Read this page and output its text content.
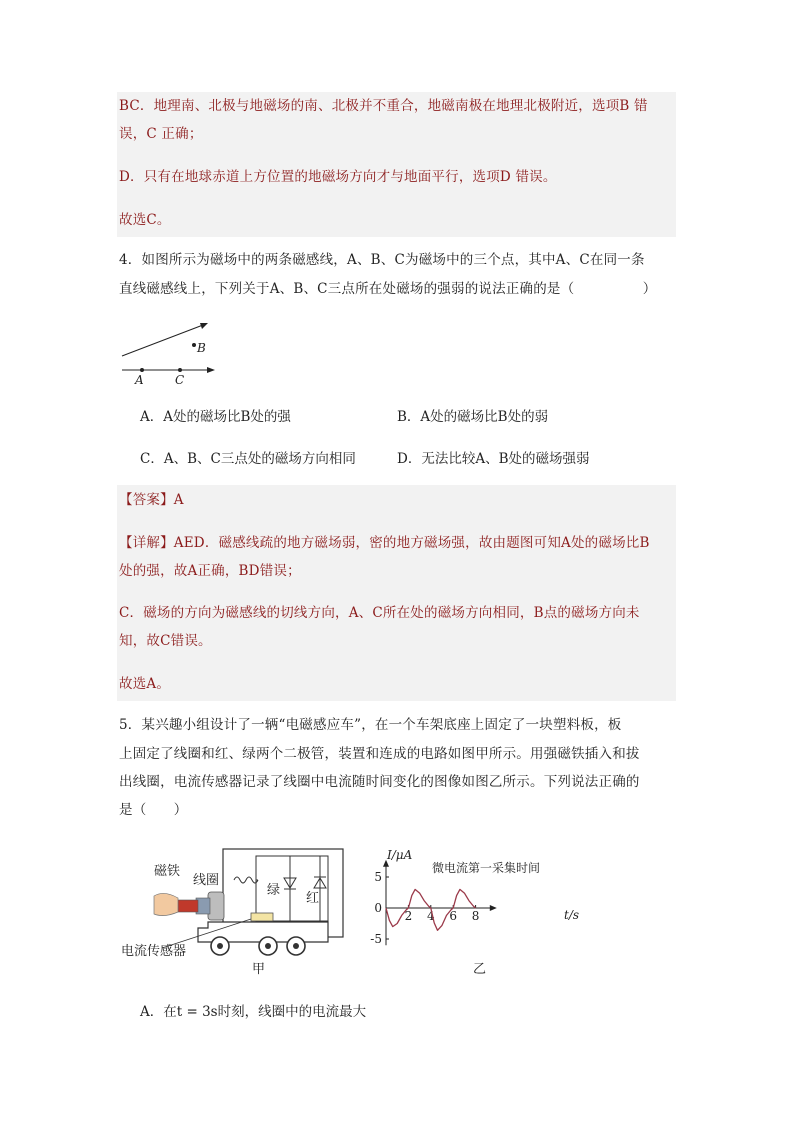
BC．地理南、北极与地磁场的南、北极并不重合，地磁南极在地理北极附近，选项B 错
误，C 正确；
D．只有在地球赤道上方位置的地磁场方向才与地面平行，选项D 错误。
故选C。
4．如图所示为磁场中的两条磁感线，A、B、C为磁场中的三个点，其中A、C在同一条
直线磁感线上，下列关于A、B、C三点所在处磁场的强弱的说法正确的是（　　　　　）
A	C
B
A．A处的磁场比B处的强	B．A处的磁场比B处的弱
C．A、B、C三点处的磁场方向相同	D．无法比较A、B处的磁场强弱
【答案】A
【详解】AED．磁感线疏的地方磁场弱，密的地方磁场强，故由题图可知A处的磁场比B
处的强，故A正确，BD错误；
C．磁场的方向为磁感线的切线方向，A、C所在处的磁场方向相同，B点的磁场方向未
知，故C错误。
故选A。
5．某兴趣小组设计了一辆“电磁感应车”，在一个车架底座上固定了一块塑料板，板
上固定了线圈和红、绿两个二极管，装置和连成的电路如图甲所示。用强磁铁插入和拔
出线圈，电流传感器记录了线圈中电流随时间变化的图像如图乙所示。下列说法正确的
是（　　）
磁铁
线圈
绿
红
电流传感器
甲
微电流第一采集时间
I/μA
t/s
乙
5
0
-5
2 4 6 8
A．在t = 3s时刻，线圈中的电流最大
